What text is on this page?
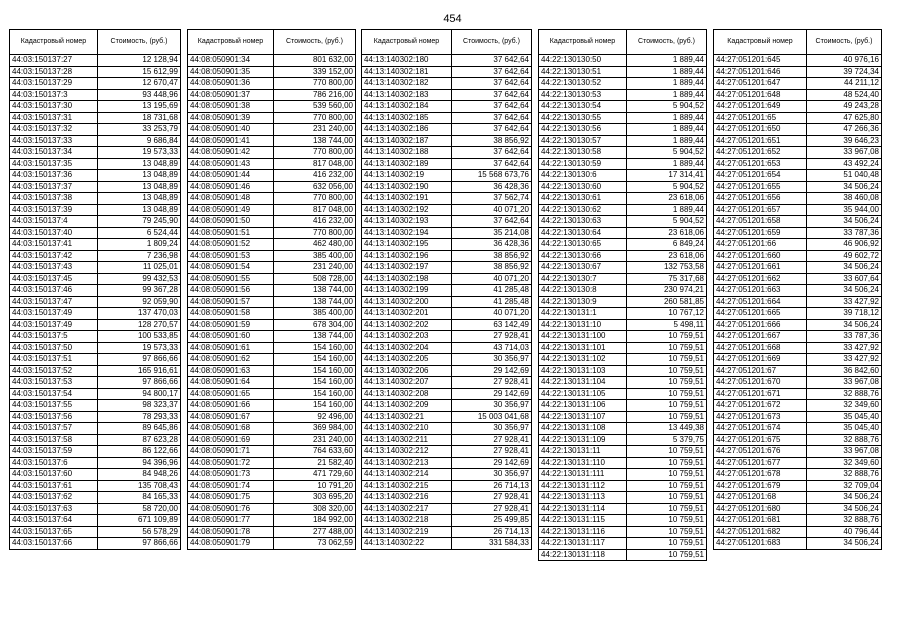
454
Кадастровый номер	Стоимость, (руб.)
44:03:150137:27	12 128,94
44:03:150137:28	15 612,99
44:03:150137:29	12 670,47
44:03:150137:3	93 448,96
44:03:150137:30	13 195,69
44:03:150137:31	18 731,68
44:03:150137:32	33 253,79
44:03:150137:33	9 686,84
44:03:150137:34	19 573,33
44:03:150137:35	13 048,89
44:03:150137:36	13 048,89
44:03:150137:37	13 048,89
44:03:150137:38	13 048,89
44:03:150137:39	13 048,89
44:03:150137:4	79 245,90
44:03:150137:40	6 524,44
44:03:150137:41	1 809,24
44:03:150137:42	7 236,98
44:03:150137:43	11 025,01
44:03:150137:45	99 432,53
44:03:150137:46	99 367,28
44:03:150137:47	92 059,90
44:03:150137:49	137 470,03
44:03:150137:49	128 270,57
44:03:150137:5	100 533,85
44:03:150137:50	19 573,33
44:03:150137:51	97 866,66
44:03:150137:52	165 916,61
44:03:150137:53	97 866,66
44:03:150137:54	94 800,17
44:03:150137:55	98 323,37
44:03:150137:56	78 293,33
44:03:150137:57	89 645,86
44:03:150137:58	87 623,28
44:03:150137:59	86 122,66
44:03:150137:6	94 396,96
44:03:150137:60	84 948,26
44:03:150137:61	135 708,43
44:03:150137:62	84 165,33
44:03:150137:63	58 720,00
44:03:150137:64	671 109,89
44:03:150137:65	56 578,29
44:03:150137:66	97 866,66
Кадастровый номер	Стоимость, (руб.)
44:08:050901:34	801 632,00
44:08:050901:35	339 152,00
44:08:050901:36	770 800,00
44:08:050901:37	786 216,00
44:08:050901:38	539 560,00
44:08:050901:39	770 800,00
44:08:050901:40	231 240,00
44:08:050901:41	138 744,00
44:08:050901:42	770 800,00
44:08:050901:43	817 048,00
44:08:050901:44	416 232,00
44:08:050901:46	632 056,00
44:08:050901:48	770 800,00
44:08:050901:49	817 048,00
44:08:050901:50	416 232,00
44:08:050901:51	770 800,00
44:08:050901:52	462 480,00
44:08:050901:53	385 400,00
44:08:050901:54	231 240,00
44:08:050901:55	508 728,00
44:08:050901:56	138 744,00
44:08:050901:57	138 744,00
44:08:050901:58	385 400,00
44:08:050901:59	678 304,00
44:08:050901:60	138 744,00
44:08:050901:61	154 160,00
44:08:050901:62	154 160,00
44:08:050901:63	154 160,00
44:08:050901:64	154 160,00
44:08:050901:65	154 160,00
44:08:050901:66	154 160,00
44:08:050901:67	92 496,00
44:08:050901:68	369 984,00
44:08:050901:69	231 240,00
44:08:050901:71	764 633,60
44:08:050901:72	21 582,40
44:08:050901:73	471 729,60
44:08:050901:74	10 791,20
44:08:050901:75	303 695,20
44:08:050901:76	308 320,00
44:08:050901:77	184 992,00
44:08:050901:78	277 488,00
44:08:050901:79	73 062,59
Кадастровый номер	Стоимость, (руб.)
44:13:140302:180	37 642,64
44:13:140302:181	37 642,64
44:13:140302:182	37 642,64
44:13:140302:183	37 642,64
44:13:140302:184	37 642,64
44:13:140302:185	37 642,64
44:13:140302:186	37 642,64
44:13:140302:187	38 856,92
44:13:140302:188	37 642,64
44:13:140302:189	37 642,64
44:13:140302:19	15 568 673,76
44:13:140302:190	36 428,36
44:13:140302:191	37 562,74
44:13:140302:192	40 071,20
44:13:140302:193	37 642,64
44:13:140302:194	35 214,08
44:13:140302:195	36 428,36
44:13:140302:196	38 856,92
44:13:140302:197	38 856,92
44:13:140302:198	40 071,20
44:13:140302:199	41 285,48
44:13:140302:200	41 285,48
44:13:140302:201	40 071,20
44:13:140302:202	63 142,49
44:13:140302:203	27 928,41
44:13:140302:204	43 714,03
44:13:140302:205	30 356,97
44:13:140302:206	29 142,69
44:13:140302:207	27 928,41
44:13:140302:208	29 142,69
44:13:140302:209	30 356,97
44:13:140302:21	15 003 041,68
44:13:140302:210	30 356,97
44:13:140302:211	27 928,41
44:13:140302:212	27 928,41
44:13:140302:213	29 142,69
44:13:140302:214	30 356,97
44:13:140302:215	26 714,13
44:13:140302:216	27 928,41
44:13:140302:217	27 928,41
44:13:140302:218	25 499,85
44:13:140302:219	26 714,13
44:13:140302:22	331 584,33
Кадастровый номер	Стоимость, (руб.)
44:22:130130:50	1 889,44
44:22:130130:51	1 889,44
44:22:130130:52	1 889,44
44:22:130130:53	1 889,44
44:22:130130:54	5 904,52
44:22:130130:55	1 889,44
44:22:130130:56	1 889,44
44:22:130130:57	1 889,44
44:22:130130:58	5 904,52
44:22:130130:59	1 889,44
44:22:130130:6	17 314,41
44:22:130130:60	5 904,52
44:22:130130:61	23 618,06
44:22:130130:62	1 889,44
44:22:130130:63	5 904,52
44:22:130130:64	23 618,06
44:22:130130:65	6 849,24
44:22:130130:66	23 618,06
44:22:130130:67	132 753,58
44:22:130130:7	75 317,68
44:22:130130:8	230 974,21
44:22:130130:9	260 581,85
44:22:130131:1	10 767,12
44:22:130131:10	5 498,11
44:22:130131:100	10 759,51
44:22:130131:101	10 759,51
44:22:130131:102	10 759,51
44:22:130131:103	10 759,51
44:22:130131:104	10 759,51
44:22:130131:105	10 759,51
44:22:130131:106	10 759,51
44:22:130131:107	10 759,51
44:22:130131:108	13 449,38
44:22:130131:109	5 379,75
44:22:130131:11	10 759,51
44:22:130131:110	10 759,51
44:22:130131:111	10 759,51
44:22:130131:112	10 759,51
44:22:130131:113	10 759,51
44:22:130131:114	10 759,51
44:22:130131:115	10 759,51
44:22:130131:116	10 759,51
44:22:130131:117	10 759,51
44:22:130131:118	10 759,51
Кадастровый номер	Стоимость, (руб.)
44:27:051201:645	40 976,16
44:27:051201:646	39 724,34
44:27:051201:647	44 211,12
44:27:051201:648	48 524,40
44:27:051201:649	49 243,28
44:27:051201:65	47 625,80
44:27:051201:650	47 266,36
44:27:051201:651	39 646,23
44:27:051201:652	33 967,08
44:27:051201:653	43 492,24
44:27:051201:654	51 040,48
44:27:051201:655	34 506,24
44:27:051201:656	38 460,08
44:27:051201:657	35 944,00
44:27:051201:658	34 506,24
44:27:051201:659	33 787,36
44:27:051201:66	46 906,92
44:27:051201:660	49 602,72
44:27:051201:661	34 506,24
44:27:051201:662	33 607,64
44:27:051201:663	34 506,24
44:27:051201:664	33 427,92
44:27:051201:665	39 718,12
44:27:051201:666	34 506,24
44:27:051201:667	33 787,36
44:27:051201:668	33 427,92
44:27:051201:669	33 427,92
44:27:051201:67	36 842,60
44:27:051201:670	33 967,08
44:27:051201:671	32 888,76
44:27:051201:672	32 349,60
44:27:051201:673	35 045,40
44:27:051201:674	35 045,40
44:27:051201:675	32 888,76
44:27:051201:676	33 967,08
44:27:051201:677	32 349,60
44:27:051201:678	32 888,76
44:27:051201:679	32 709,04
44:27:051201:68	34 506,24
44:27:051201:680	34 506,24
44:27:051201:681	32 888,76
44:27:051201:682	40 796,44
44:27:051201:683	34 506,24
